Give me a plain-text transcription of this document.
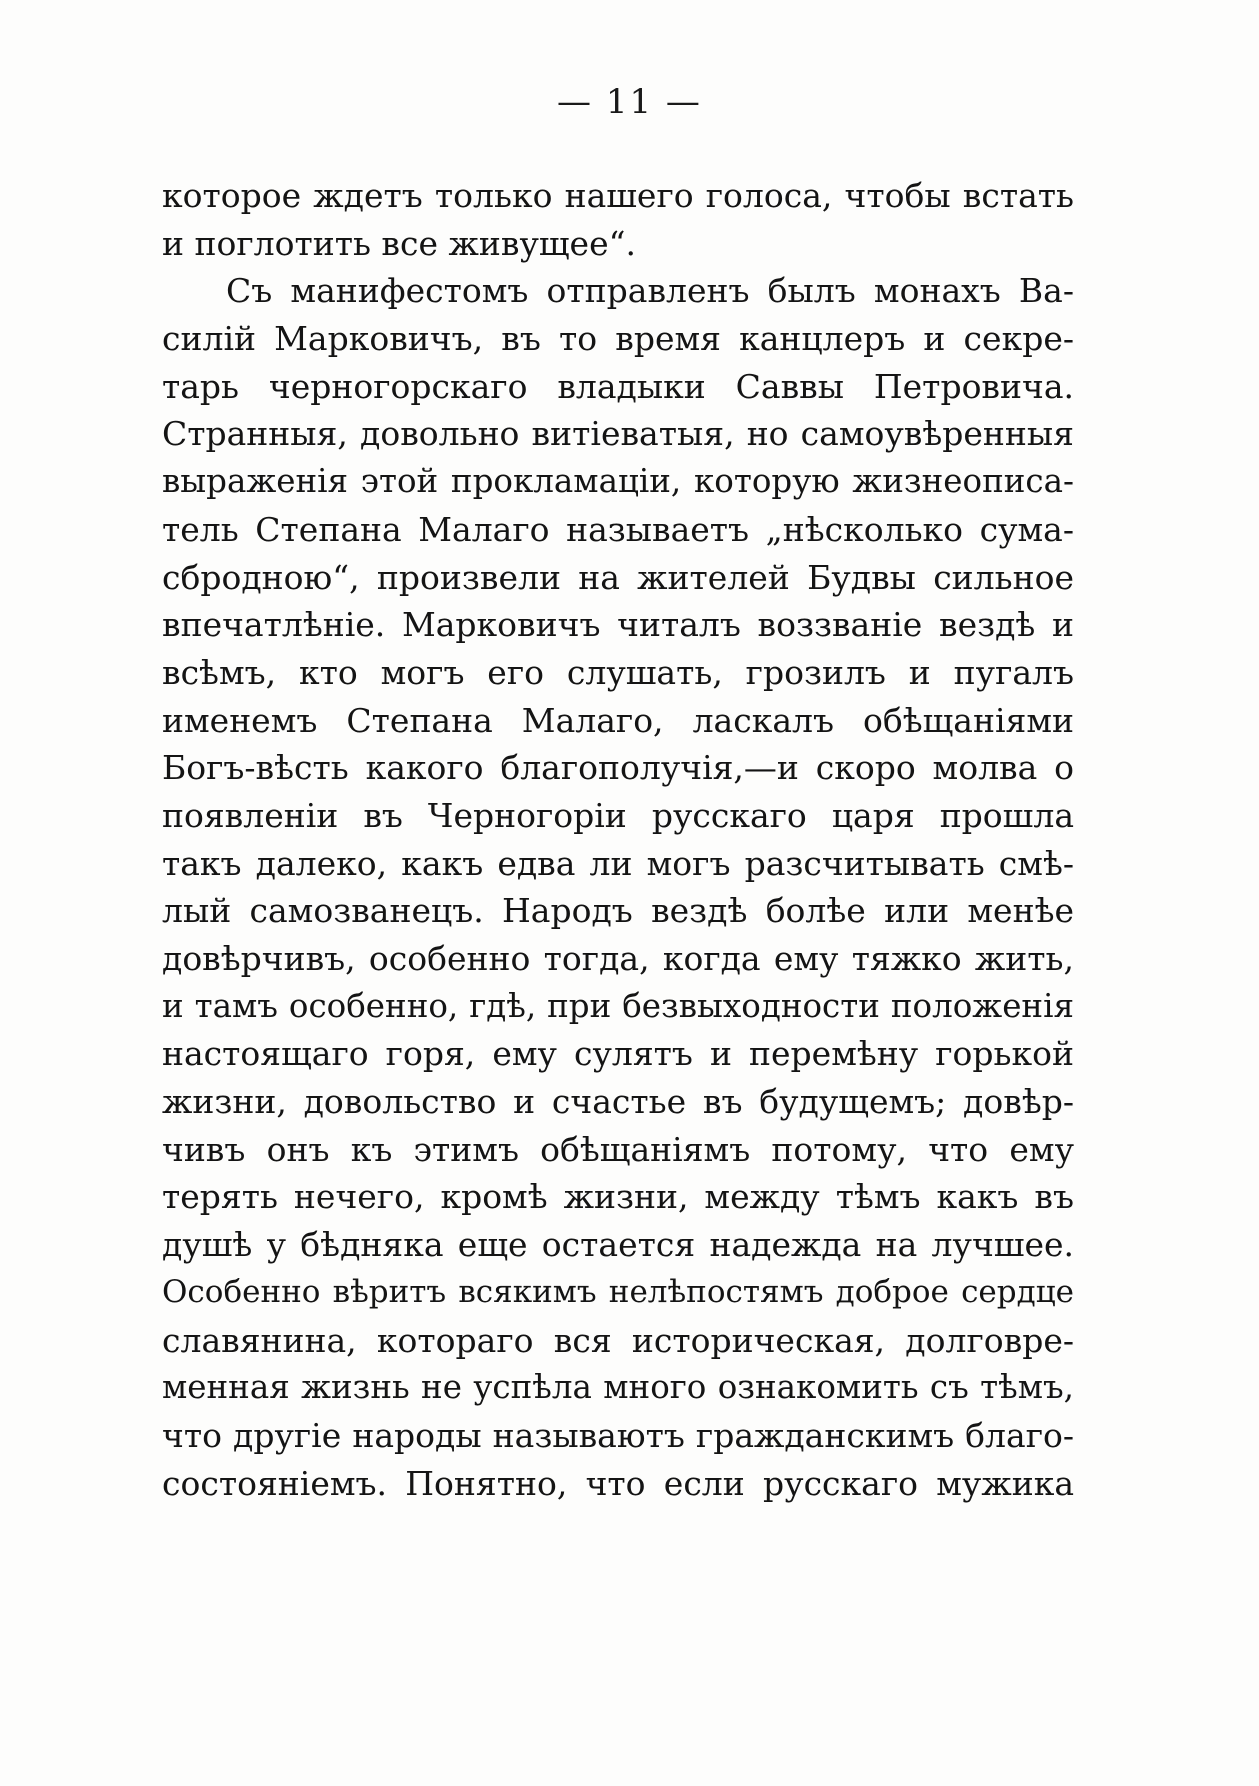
— 11 —
которое ждетъ только нашего голоса, чтобы встать
и поглотить все живущее“.
Съ манифестомъ отправленъ былъ монахъ Ва-
силій Марковичъ, въ то время канцлеръ и секре-
тарь черногорскаго владыки Саввы Петровича.
Странныя, довольно витіеватыя, но самоувѣренныя
выраженія этой прокламаціи, которую жизнеописа-
тель Степана Малаго называетъ „нѣсколько сума-
сбродною“, произвели на жителей Будвы сильное
впечатлѣніе. Марковичъ читалъ воззваніе вездѣ и
всѣмъ, кто могъ его слушать, грозилъ и пугалъ
именемъ Степана Малаго, ласкалъ обѣщаніями
Богъ-вѣсть какого благополучія,—и скоро молва о
появленіи въ Черногоріи русскаго царя прошла
такъ далеко, какъ едва ли могъ разсчитывать смѣ-
лый самозванецъ. Народъ вездѣ болѣе или менѣе
довѣрчивъ, особенно тогда, когда ему тяжко жить,
и тамъ особенно, гдѣ, при безвыходности положенія
настоящаго горя, ему сулятъ и перемѣну горькой
жизни, довольство и счастье въ будущемъ; довѣр-
чивъ онъ къ этимъ обѣщаніямъ потому, что ему
терять нечего, кромѣ жизни, между тѣмъ какъ въ
душѣ у бѣдняка еще остается надежда на лучшее.
Особенно вѣритъ всякимъ нелѣпостямъ доброе сердце
славянина, котораго вся историческая, долговре-
менная жизнь не успѣла много ознакомить съ тѣмъ,
что другіе народы называютъ гражданскимъ благо-
состояніемъ. Понятно, что если русскаго мужика
